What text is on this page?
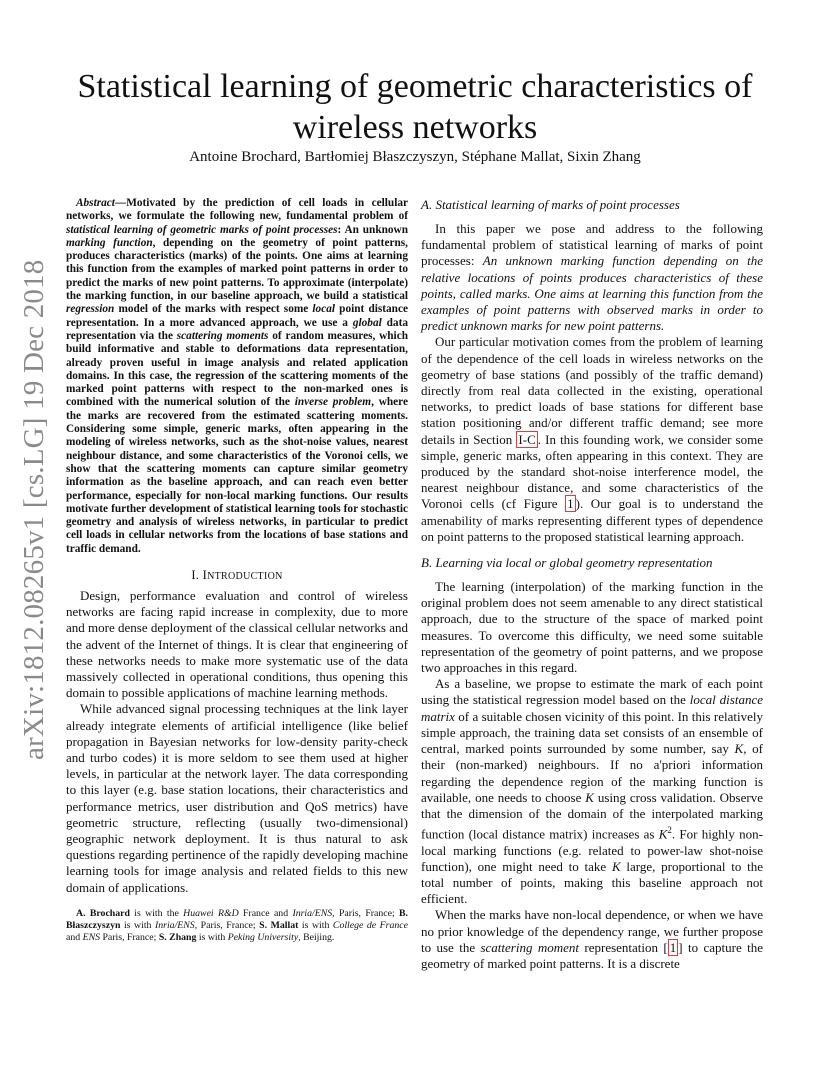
arXiv:1812.08265v1 [cs.LG] 19 Dec 2018
Statistical learning of geometric characteristics of wireless networks
Antoine Brochard, Bartłomiej Błaszczyszyn, Stéphane Mallat, Sixin Zhang

Abstract—Motivated by the prediction of cell loads in cellular networks, we formulate the following new, fundamental problem of statistical learning of geometric marks of point processes: An unknown marking function, depending on the geometry of point patterns, produces characteristics (marks) of the points. One aims at learning this function from the examples of marked point patterns in order to predict the marks of new point patterns. To approximate (interpolate) the marking function, in our baseline approach, we build a statistical regression model of the marks with respect some local point distance representation. In a more advanced approach, we use a global data representation via the scattering moments of random measures, which build informative and stable to deformations data representation, already proven useful in image analysis and related application domains. In this case, the regression of the scattering moments of the marked point patterns with respect to the non-marked ones is combined with the numerical solution of the inverse problem, where the marks are recovered from the estimated scattering moments. Considering some simple, generic marks, often appearing in the modeling of wireless networks, such as the shot-noise values, nearest neighbour distance, and some characteristics of the Voronoi cells, we show that the scattering moments can capture similar geometry information as the baseline approach, and can reach even better performance, especially for non-local marking functions. Our results motivate further development of statistical learning tools for stochastic geometry and analysis of wireless networks, in particular to predict cell loads in cellular networks from the locations of base stations and traffic demand.

I. INTRODUCTION

Design, performance evaluation and control of wireless networks are facing rapid increase in complexity, due to more and more dense deployment of the classical cellular networks and the advent of the Internet of things. It is clear that engineering of these networks needs to make more systematic use of the data massively collected in operational conditions, thus opening this domain to possible applications of machine learning methods.

While advanced signal processing techniques at the link layer already integrate elements of artificial intelligence (like belief propagation in Bayesian networks for low-density parity-check and turbo codes) it is more seldom to see them used at higher levels, in particular at the network layer. The data corresponding to this layer (e.g. base station locations, their characteristics and performance metrics, user distribution and QoS metrics) have geometric structure, reflecting (usually two-dimensional) geographic network deployment. It is thus natural to ask questions regarding pertinence of the rapidly developing machine learning tools for image analysis and related fields to this new domain of applications.

A. Brochard is with the Huawei R&D France and Inria/ENS, Paris, France; B. Błaszczyszyn is with Inria/ENS, Paris, France; S. Mallat is with College de France and ENS Paris, France; S. Zhang is with Peking University, Beijing.

A. Statistical learning of marks of point processes

In this paper we pose and address to the following fundamental problem of statistical learning of marks of point processes: An unknown marking function depending on the relative locations of points produces characteristics of these points, called marks. One aims at learning this function from the examples of point patterns with observed marks in order to predict unknown marks for new point patterns.

Our particular motivation comes from the problem of learning of the dependence of the cell loads in wireless networks on the geometry of base stations (and possibly of the traffic demand) directly from real data collected in the existing, operational networks, to predict loads of base stations for different base station positioning and/or different traffic demand; see more details in Section I-C . In this founding work, we consider some simple, generic marks, often appearing in this context. They are produced by the standard shot-noise interference model, the nearest neighbour distance, and some characteristics of the Voronoi cells (cf Figure 1 ). Our goal is to understand the amenability of marks representing different types of dependence on point patterns to the proposed statistical learning approach.

B. Learning via local or global geometry representation

The learning (interpolation) of the marking function in the original problem does not seem amenable to any direct statistical approach, due to the structure of the space of marked point measures. To overcome this difficulty, we need some suitable representation of the geometry of point patterns, and we propose two approaches in this regard.

As a baseline, we propse to estimate the mark of each point using the statistical regression model based on the local distance matrix of a suitable chosen vicinity of this point. In this relatively simple approach, the training data set consists of an ensemble of central, marked points surrounded by some number, say K, of their (non-marked) neighbours. If no a'priori information regarding the dependence region of the marking function is available, one needs to choose K using cross validation. Observe that the dimension of the domain of the interpolated marking function (local distance matrix) increases as $K^2$. For highly non-local marking functions (e.g. related to power-law shot-noise function), one might need to take K large, proportional to the total number of points, making this baseline approach not efficient.

When the marks have non-local dependence, or when we have no prior knowledge of the dependency range, we further propose to use the scattering moment representation [ 1 ] to capture the geometry of marked point patterns. It is a discrete
